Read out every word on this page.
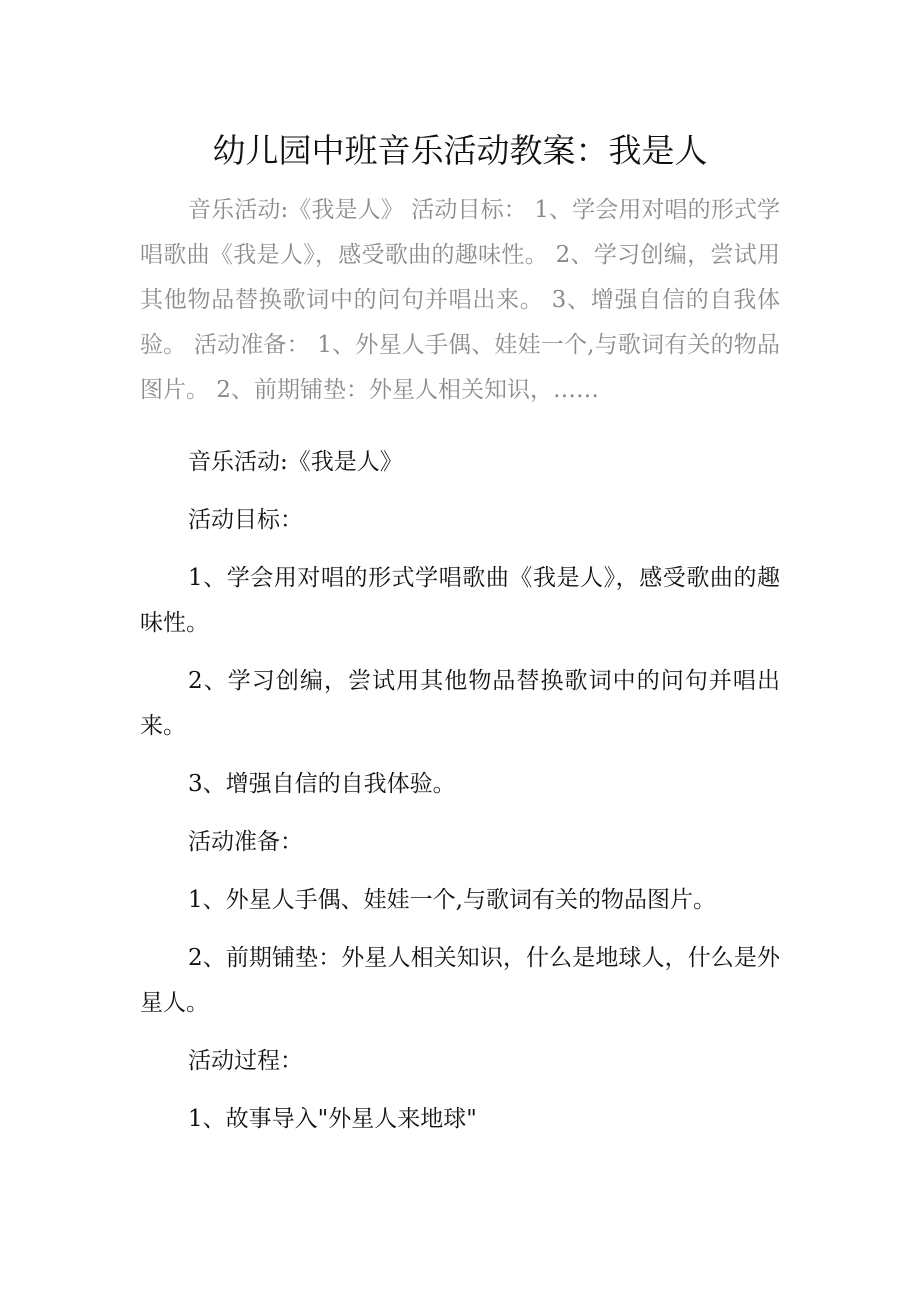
幼儿园中班音乐活动教案：我是人

音乐活动:《我是人》 活动目标： 1、学会用对唱的形式学唱歌曲《我是人》，感受歌曲的趣味性。 2、学习创编，尝试用其他物品替换歌词中的问句并唱出来。 3、增强自信的自我体验。 活动准备： 1、外星人手偶、娃娃一个,与歌词有关的物品图片。 2、前期铺垫：外星人相关知识，……

音乐活动:《我是人》

活动目标：

1、学会用对唱的形式学唱歌曲《我是人》，感受歌曲的趣味性。

2、学习创编，尝试用其他物品替换歌词中的问句并唱出来。

3、增强自信的自我体验。

活动准备：

1、外星人手偶、娃娃一个,与歌词有关的物品图片。

2、前期铺垫：外星人相关知识，什么是地球人，什么是外星人。

活动过程：

1、故事导入"外星人来地球"
